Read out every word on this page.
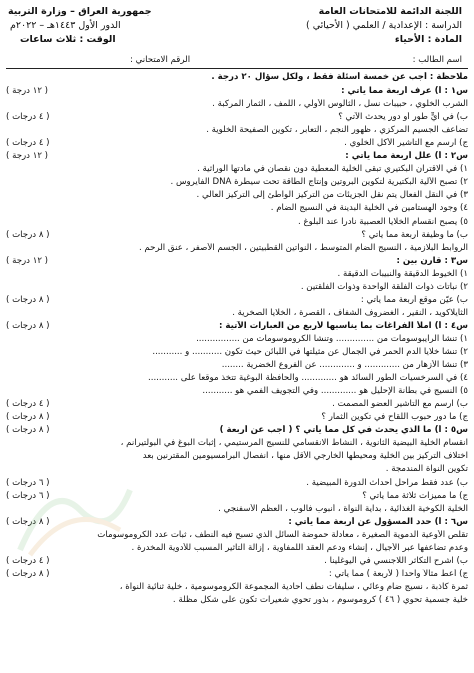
اللجنة الدائمة للامتحانات العامة
جمهورية العراق – وزارة التربية
الدراسة : الإعدادية / العلمي ( الأحيائي )
الدور الأول ١٤٤٣هـ – ٢٠٢٢م
المادة : الأحياء
الوقت : ثلاث ساعات
اسم الطالب :
الرقم الامتحاني :
ملاحظة : أجب عن خمسة أسئلة فقط ، ولكل سؤال ٢٠ درجة .
س١ : أ) عرف أربعة مما يأتي :
( ١٢ درجة )
الشرب الخلوي ، حبيبات نسل ، الثالوس الأولي ، اللمف ، الثمار المركبة .
ب) في أيٍّ طور أو دور يحدث الآتي ؟
( ٤ درجات )
تضاعف الجسيم المركزي ، ظهور النجم ، التعابر ، تكوين الصفيحة الخلوية .
ج) ارسم مع التأشير الأكل الخلوي .
( ٤ درجات )
س٢ : أ) علل أربعة مما يأتي :
( ١٢ درجة )
١) في الاقتران البكتيري تبقى الخلية المعطية دون نقصان في مادتها الوراثية .
٢) تصبح الألية البكتيرية لتكوين البروتين وإنتاج الطاقة تحت سيطرة DNA الفايروس .
٣) في النقل الفعال يتم نقل الجزيئات من التركيز الواطئ إلى التركيز العالي .
٤) وجود الهستامين في الخلية البدينة في النسيج الضام .
٥) يصبح انقسام الخلايا العصبية نادراً عند البلوغ .
ب) ما وظيفة أربعة مما يأتي ؟
( ٨ درجات )
الروابط البلازمية ، النسيج الضام المتوسط ، النواتين القطبيتين ، الجسم الأصفر ، عنق الرحم .
س٣ : قارن بين :
( ١٢ درجة )
١) الخيوط الدقيقة والنبيبات الدقيقة .
٢) نباتات ذوات الفلقة الواحدة وذوات الفلقتين .
ب) عيّن موقع أربعة مما يأتي :
( ٨ درجات )
الثايلاكويد ، النقير ، الغضروف الشفاف ، القصرة ، الخلايا الصخرية .
س٤ : أ) املأ الفراغات بما يناسبها لأربع من العبارات الآتية :
( ٨ درجات )
١) تنشأ الرايبوسومات من .............. وتنشأ الكروموسومات من ................
٢) تنشأ خلايا الدم الحمر في الجمال عن مثيلتها في اللبائن حيث تكون ........... و ...........
٣) تنشأ الأزهار من ............. و ............. عن الفروع الخضرية ........
٤) في السرخسيات الطور السائد هو ............. والحافظة البوغية تتخذ موقعاً على ...........
٥) النسيج في بطانة الإحليل هو ............. وفي التجويف الفمي هو ...........
ب) ارسم مع التأشير العضو المصمت .
( ٤ درجات )
ج) ما دور حبوب اللقاح في تكوين الثمار ؟
( ٨ درجات )
س٥ : أ) ما الذي يحدث في كل مما يأتي ؟ ( أجب عن أربعة )
( ٨ درجات )
انقسام الخلية البيضية الثانوية ، النشاط الانقسامي للنسيج المرستيمي ، إثبات البوغ في البولتيرانم ،
اختلاف التركيز بين الخلية ومحيطها الخارجي الأقل منها ، انفصال البرامسيومين المقترنين بعد
تكوين النواة المندمجة .
ب) عدد فقط مراحل أحداث الدورة المبيضية .
( ٦ درجات )
ج) ما مميزات ثلاثة مما يأتي ؟
( ٦ درجات )
الخلية الكوخية الغذائية ، بداية النواة ، أنبوب فالوب ، العظم الأسفنجي .
س٦ : أ) حدد المسؤول عن أربعة مما يأتي :
( ٨ درجات )
تقلص الأوعية الدموية الصغيرة ، معادلة حموضة السائل الذي تسبح فيه النطف ، ثبات عدد الكروموسومات
وعدم تضاعفها عبر الأجيال ، إنشاء ودعم العقد اللمفاوية ، إزالة التأثير المسبب للأدوية المخدرة .
ب) اشرح التكاثر اللاجنسي في اليوغلينا .
( ٤ درجات )
ج) أعط مثالاً واحداً ( لأربعة ) مما يأتي :
( ٨ درجات )
ثمرة كاذبة ، نسيج ضام وعائي ، سليفات نطف أحادية المجموعة الكروموسومية ، خلية ثنائية النواة ،
خلية جسمية تحوي ( ٤٦ ) كروموسوم ، بذور تحوي شعيرات تكون على شكل مظلة .
